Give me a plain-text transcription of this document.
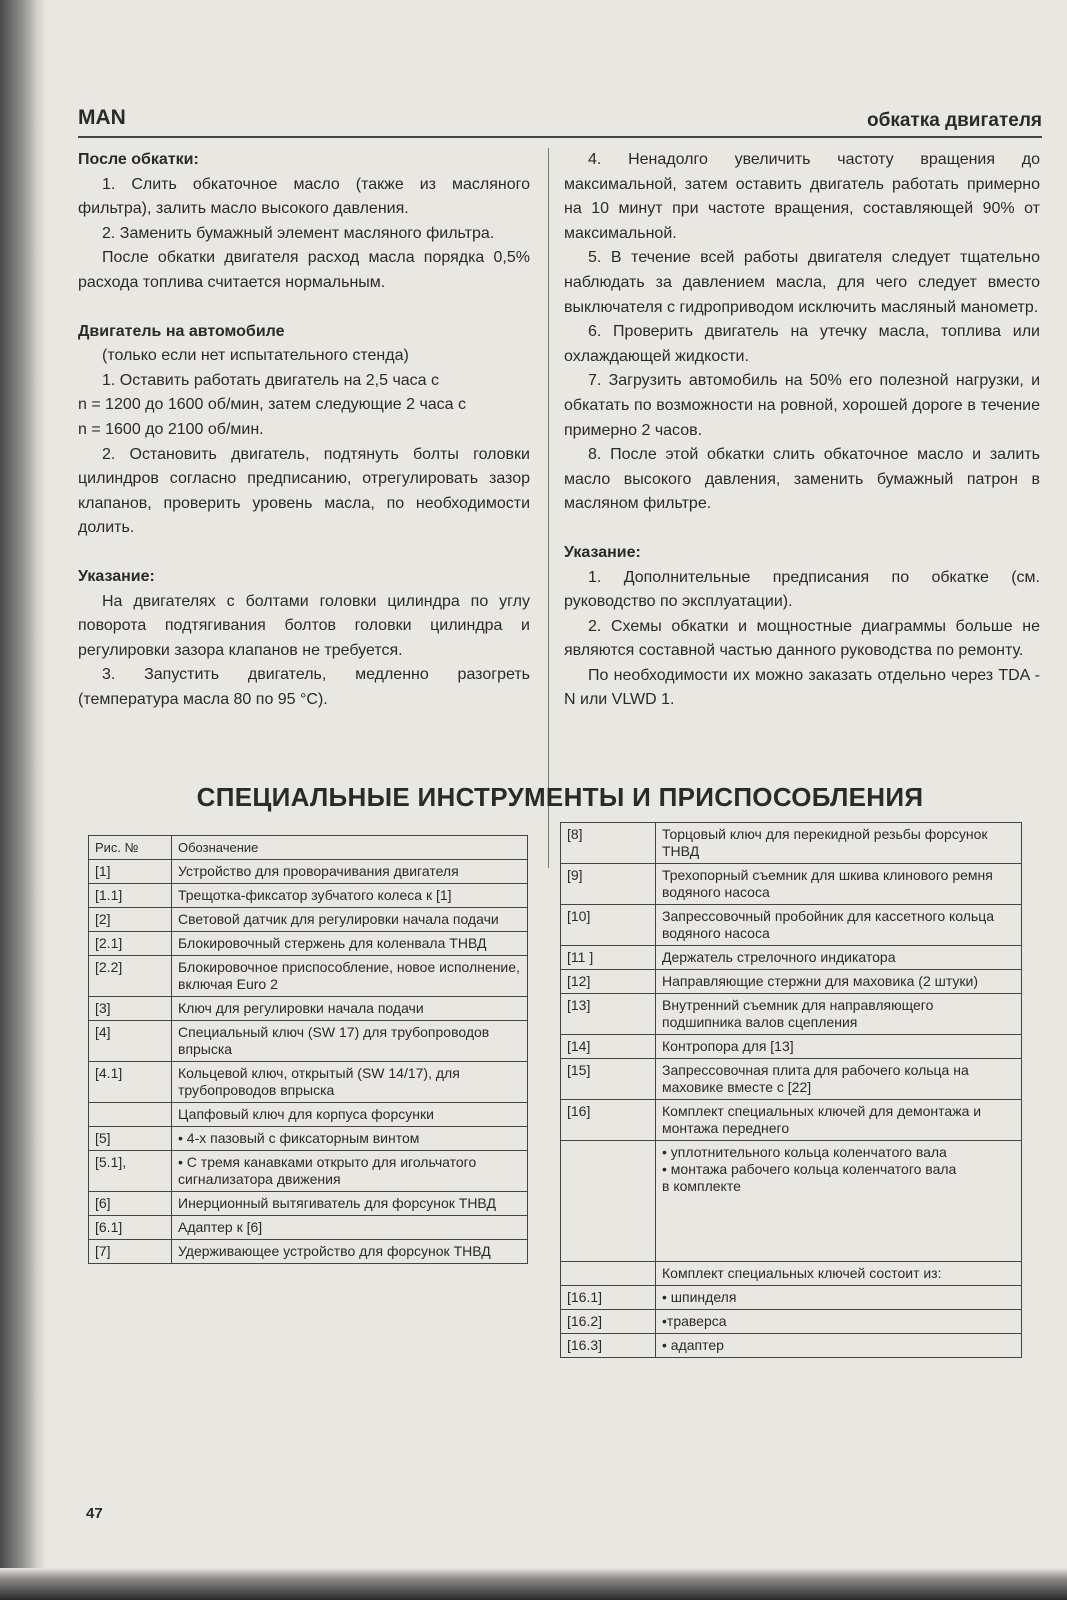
MAN	обкатка двигателя
После обкатки:

1. Слить обкаточное масло (также из масляного фильтра), залить масло высокого давления.

2. Заменить бумажный элемент масляного фильтра.

После обкатки двигателя расход масла порядка 0,5% расхода топлива считается нормальным.

Двигатель на автомобиле

(только если нет испытательного стенда)

1. Оставить работать двигатель на 2,5 часа с

n = 1200 до 1600 об/мин, затем следующие 2 часа с

n = 1600 до 2100 об/мин.

2. Остановить двигатель, подтянуть болты головки цилиндров согласно предписанию, отрегулировать зазор клапанов, проверить уровень масла, по необходимости долить.

Указание:

На двигателях с болтами головки цилиндра по углу поворота подтягивания болтов головки цилиндра и регулировки зазора клапанов не требуется.

3. Запустить двигатель, медленно разогреть (температура масла 80 по 95 °С).

4. Ненадолго увеличить частоту вращения до максимальной, затем оставить двигатель работать примерно на 10 минут при частоте вращения, составляющей 90% от максимальной.

5. В течение всей работы двигателя следует тщательно наблюдать за давлением масла, для чего следует вместо выключателя с гидроприводом исключить масляный манометр.

6. Проверить двигатель на утечку масла, топлива или охлаждающей жидкости.

7. Загрузить автомобиль на 50% его полезной нагрузки, и обкатать по возможности на ровной, хорошей дороге в течение примерно 2 часов.

8. После этой обкатки слить обкаточное масло и залить масло высокого давления, заменить бумажный патрон в масляном фильтре.

Указание:

1. Дополнительные предписания по обкатке (см. руководство по эксплуатации).

2. Схемы обкатки и мощностные диаграммы больше не являются составной частью данного руководства по ремонту.

По необходимости их можно заказать отдельно через TDA - N или VLWD 1.

СПЕЦИАЛЬНЫЕ ИНСТРУМЕНТЫ И ПРИСПОСОБЛЕНИЯ
Рис. №	Обозначение
[1]	Устройство для проворачивания двигателя
[1.1]	Трещотка-фиксатор зубчатого колеса к [1]
[2]	Световой датчик для регулировки начала подачи
[2.1]	Блокировочный стержень для коленвала ТНВД
[2.2]	Блокировочное приспособление, новое исполнение, включая Euro 2
[3]	Ключ для регулировки начала подачи
[4]	Специальный ключ (SW 17) для трубопроводов впрыска
[4.1]	Кольцевой ключ, открытый (SW 14/17), для трубопроводов впрыска
	Цапфовый ключ для корпуса форсунки
[5]	• 4-х пазовый с фиксаторным винтом
[5.1],	• С тремя канавками открыто для игольчатого сигнализатора движения
[6]	Инерционный вытягиватель для форсунок ТНВД
[6.1]	Адаптер к [6]
[7]	Удерживающее устройство для форсунок ТНВД
[8]	Торцовый ключ для перекидной резьбы форсунок ТНВД
[9]	Трехопорный съемник для шкива клинового ремня водяного насоса
[10]	Запрессовочный пробойник для кассетного кольца водяного насоса
[11 ]	Держатель стрелочного индикатора
[12]	Направляющие стержни для маховика (2 штуки)
[13]	Внутренний съемник для направляющего подшипника валов сцепления
[14]	Контропора для [13]
[15]	Запрессовочная плита для рабочего кольца на маховике вместе с [22]
[16]	Комплект специальных ключей для демонтажа и монтажа переднего
	• уплотнительного кольца коленчатого вала
• монтажа рабочего кольца коленчатого вала
в комплекте
	Комплект специальных ключей состоит из:
[16.1]	• шпинделя
[16.2]	•траверса
[16.3]	• адаптер
47
